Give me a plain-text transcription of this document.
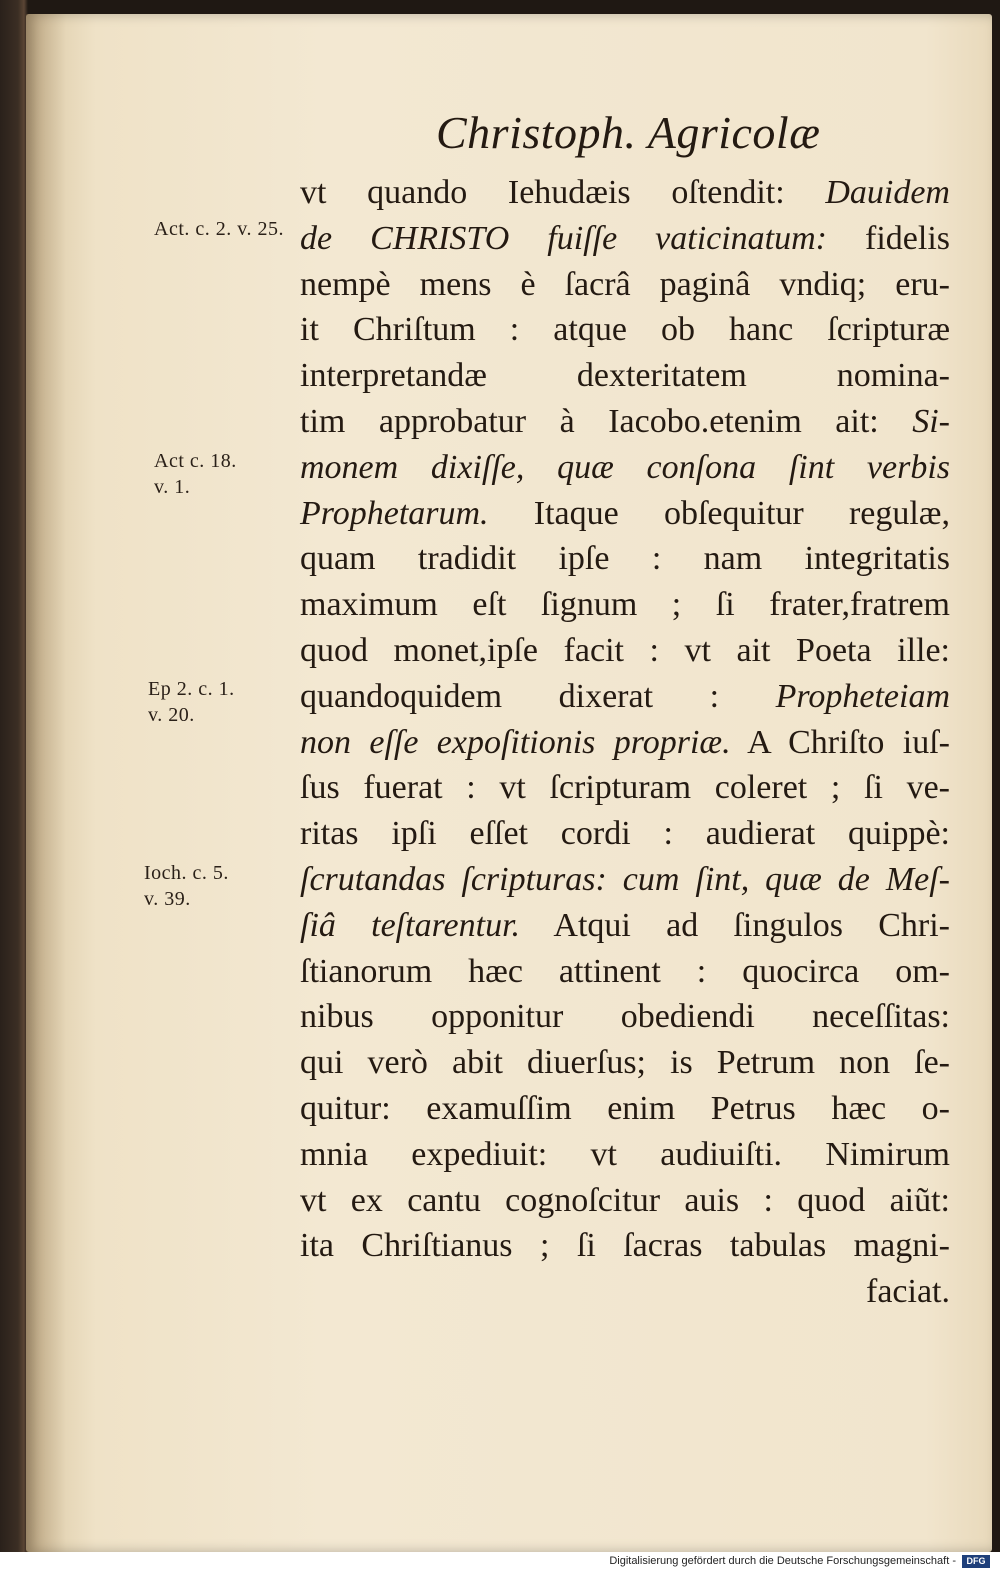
Christoph. Agricolæ
vt quando Iehudæis oſtendit: Dauidem
de CHRISTO fuiſſe vaticinatum: fidelis
nempè mens è ſacrâ paginâ vndiq; eru-
it Chriſtum : atque ob hanc ſcripturæ
interpretandæ dexteritatem nomina-
tim approbatur à Iacobo.etenim ait: Si-
monem dixiſſe, quæ conſona ſint verbis
Prophetarum. Itaque obſequitur regulæ,
quam tradidit ipſe : nam integritatis
maximum eſt ſignum ; ſi frater,fratrem
quod monet,ipſe facit : vt ait Poeta ille:
quandoquidem dixerat : Propheteiam
non eſſe expoſitionis propriæ. A Chriſto iuſ-
ſus fuerat : vt ſcripturam coleret ; ſi ve-
ritas ipſi eſſet cordi : audierat quippè:
ſcrutandas ſcripturas: cum ſint, quæ de Meſ-
ſiâ teſtarentur. Atqui ad ſingulos Chri-
ſtianorum hæc attinent : quocirca om-
nibus opponitur obediendi neceſſitas:
qui verò abit diuerſus; is Petrum non ſe-
quitur: examuſſim enim Petrus hæc o-
mnia expediuit: vt audiuiſti. Nimirum
vt ex cantu cognoſcitur auis : quod aiũt:
ita Chriſtianus ; ſi ſacras tabulas magni-
faciat.
Act. c. 2. v. 25.
Act c. 18.
v. 1.
Ep 2. c. 1.
v. 20.
Ioch. c. 5.
v. 39.
Digitalisierung gefördert durch die Deutsche Forschungsgemeinschaft -	DFG
